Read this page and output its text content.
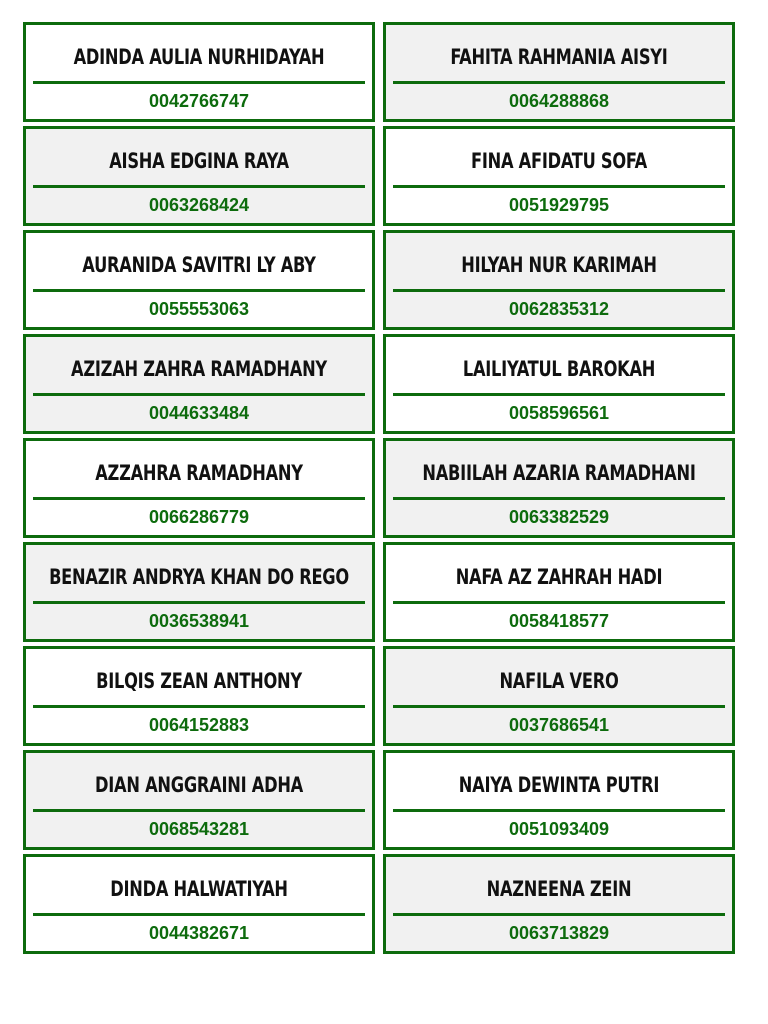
ADINDA AULIA NURHIDAYAH
0042766747
FAHITA RAHMANIA AISYI
0064288868
AISHA EDGINA RAYA
0063268424
FINA AFIDATU SOFA
0051929795
AURANIDA SAVITRI LY ABY
0055553063
HILYAH NUR KARIMAH
0062835312
AZIZAH ZAHRA RAMADHANY
0044633484
LAILIYATUL BAROKAH
0058596561
AZZAHRA RAMADHANY
0066286779
NABIILAH AZARIA RAMADHANI
0063382529
BENAZIR ANDRYA KHAN DO REGO
0036538941
NAFA AZ ZAHRAH HADI
0058418577
BILQIS ZEAN ANTHONY
0064152883
NAFILA VERO
0037686541
DIAN ANGGRAINI ADHA
0068543281
NAIYA DEWINTA PUTRI
0051093409
DINDA HALWATIYAH
0044382671
NAZNEENA ZEIN
0063713829
